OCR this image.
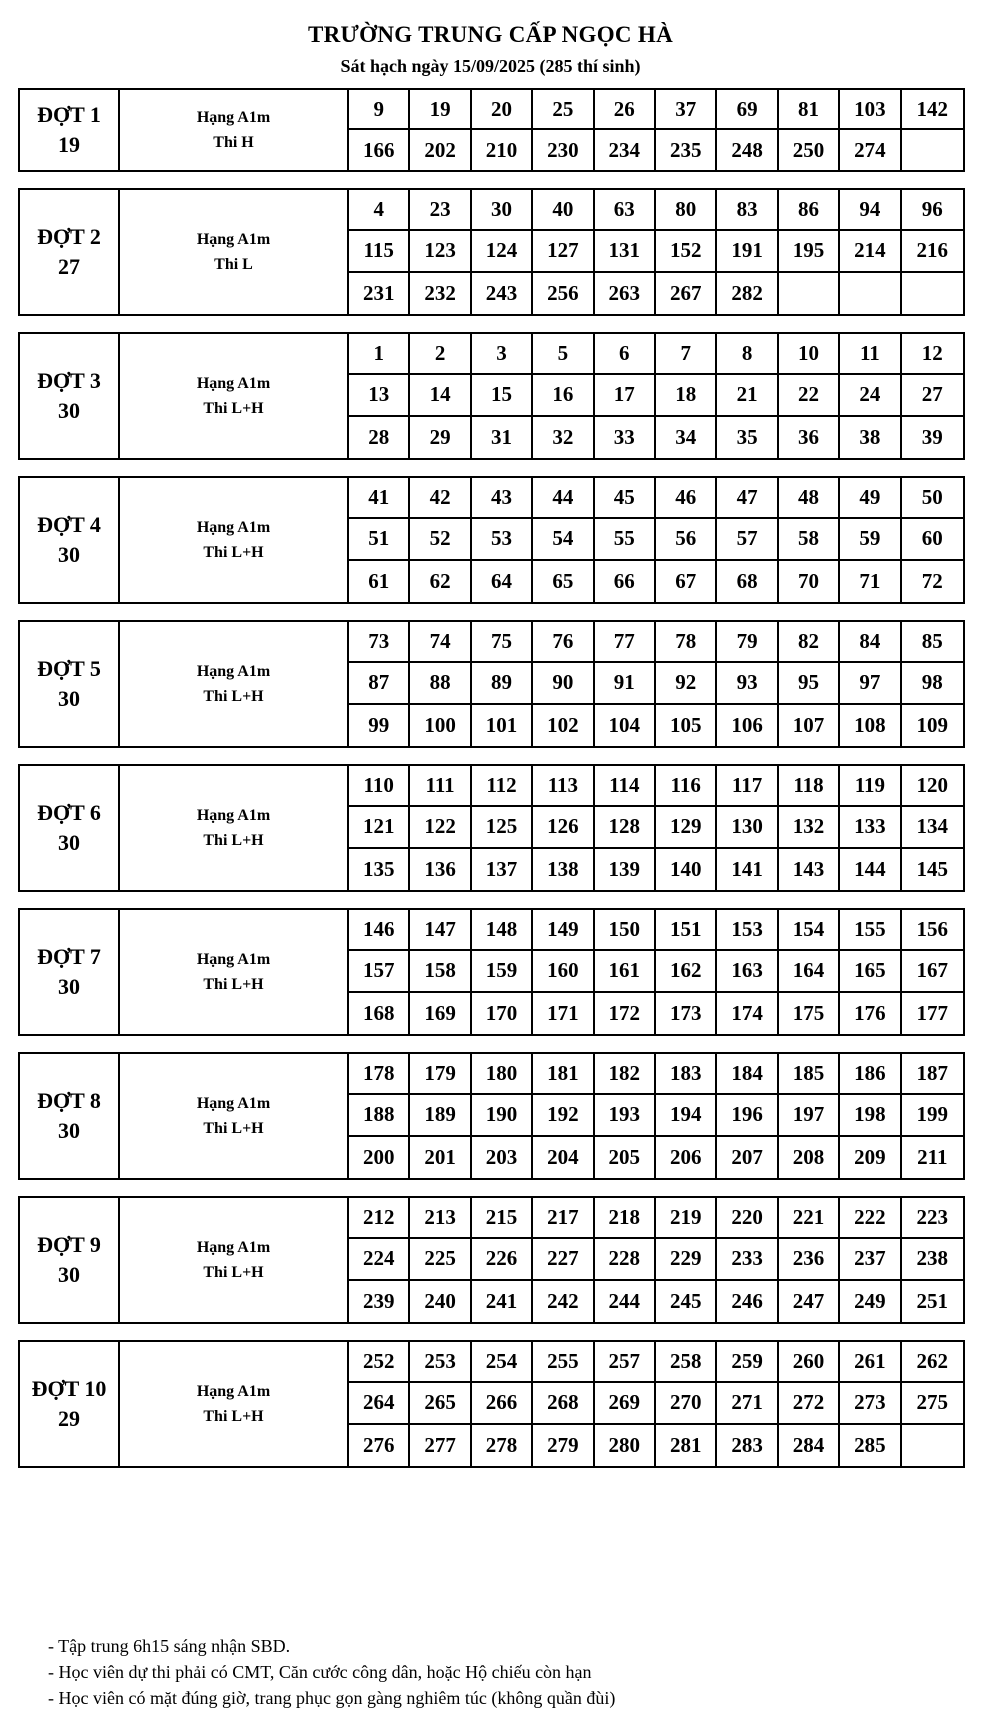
TRƯỜNG TRUNG CẤP NGỌC HÀ
Sát hạch ngày 15/09/2025 (285 thí sinh)
ĐỢT 1
19
Hạng A1m
Thi H
9	19	20	25	26	37	69	81	103	142
166	202	210	230	234	235	248	250	274
ĐỢT 2
27
Hạng A1m
Thi L
4	23	30	40	63	80	83	86	94	96
115	123	124	127	131	152	191	195	214	216
231	232	243	256	263	267	282
ĐỢT 3
30
Hạng A1m
Thi L+H
1	2	3	5	6	7	8	10	11	12
13	14	15	16	17	18	21	22	24	27
28	29	31	32	33	34	35	36	38	39
ĐỢT 4
30
Hạng A1m
Thi L+H
41	42	43	44	45	46	47	48	49	50
51	52	53	54	55	56	57	58	59	60
61	62	64	65	66	67	68	70	71	72
ĐỢT 5
30
Hạng A1m
Thi L+H
73	74	75	76	77	78	79	82	84	85
87	88	89	90	91	92	93	95	97	98
99	100	101	102	104	105	106	107	108	109
ĐỢT 6
30
Hạng A1m
Thi L+H
110	111	112	113	114	116	117	118	119	120
121	122	125	126	128	129	130	132	133	134
135	136	137	138	139	140	141	143	144	145
ĐỢT 7
30
Hạng A1m
Thi L+H
146	147	148	149	150	151	153	154	155	156
157	158	159	160	161	162	163	164	165	167
168	169	170	171	172	173	174	175	176	177
ĐỢT 8
30
Hạng A1m
Thi L+H
178	179	180	181	182	183	184	185	186	187
188	189	190	192	193	194	196	197	198	199
200	201	203	204	205	206	207	208	209	211
ĐỢT 9
30
Hạng A1m
Thi L+H
212	213	215	217	218	219	220	221	222	223
224	225	226	227	228	229	233	236	237	238
239	240	241	242	244	245	246	247	249	251
ĐỢT 10
29
Hạng A1m
Thi L+H
252	253	254	255	257	258	259	260	261	262
264	265	266	268	269	270	271	272	273	275
276	277	278	279	280	281	283	284	285
- Tập trung 6h15 sáng nhận SBD.
- Học viên dự thi phải có CMT, Căn cước công dân, hoặc Hộ chiếu còn hạn
- Học viên có mặt đúng giờ, trang phục gọn gàng nghiêm túc (không quần đùi)
